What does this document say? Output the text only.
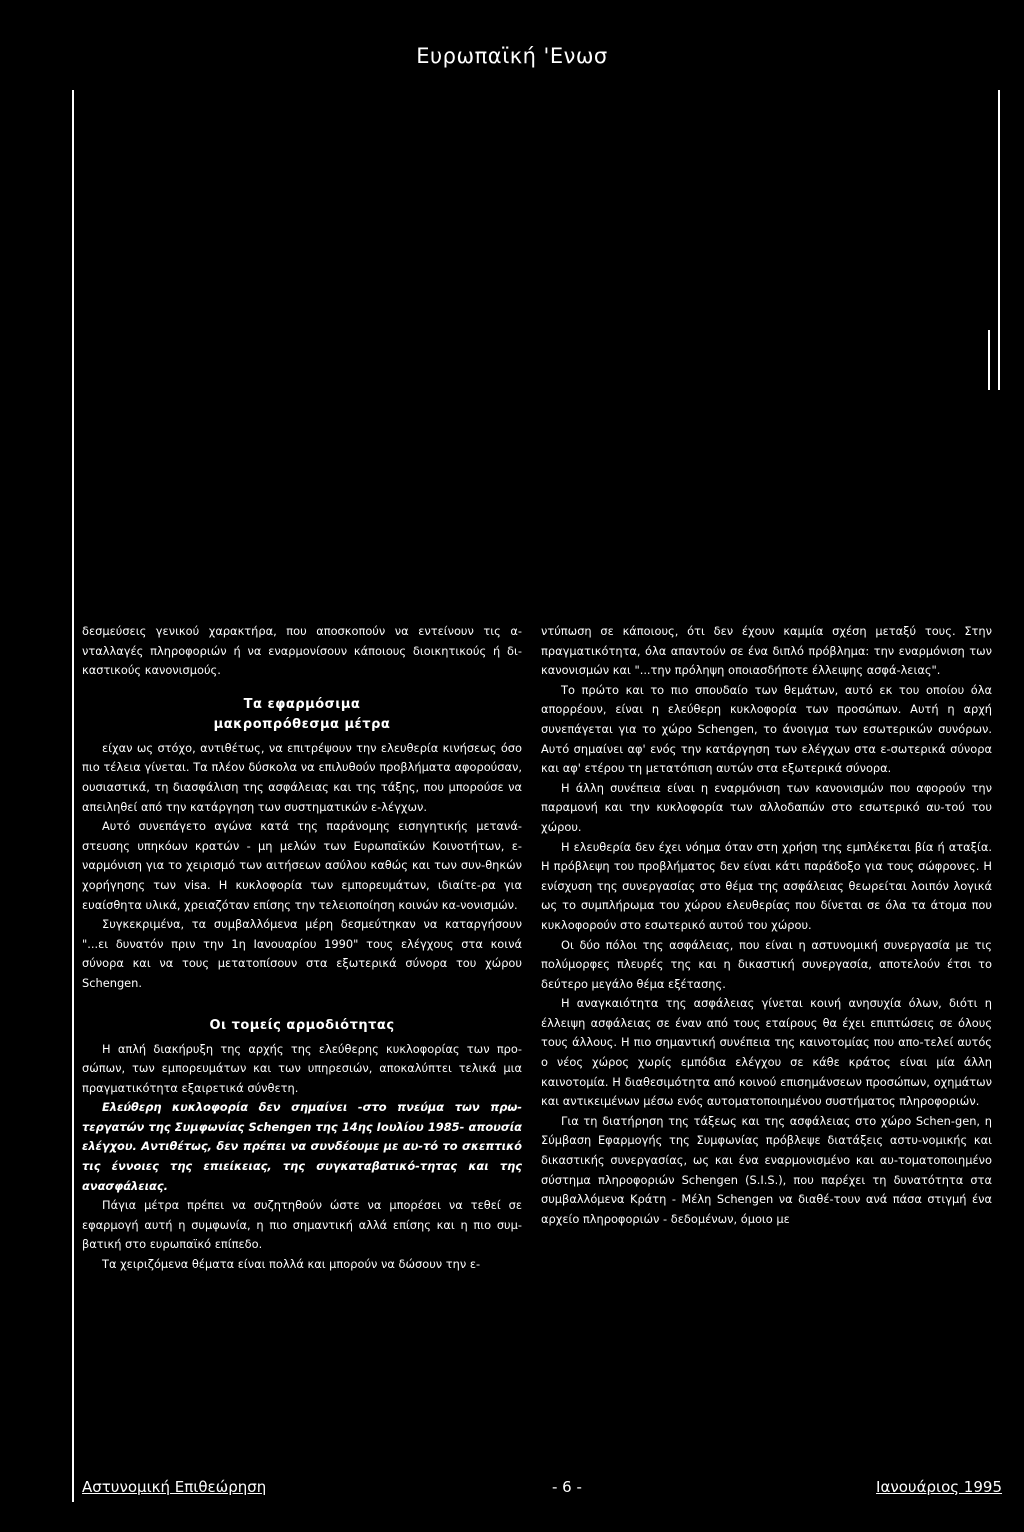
Ευρωπαϊκή 'Ενωσ

δεσμεύσεις γενικού χαρακτήρα, που αποσκοπούν να εντείνουν τις α-νταλλαγές πληροφοριών ή να εναρμονίσουν κάποιους διοικητικούς ή δι-καστικούς κανονισμούς.

Τα εφαρμόσιμα
μακροπρόθεσμα μέτρα

είχαν ως στόχο, αντιθέτως, να επιτρέψουν την ελευθερία κινήσεως όσο πιο τέλεια γίνεται. Τα πλέον δύσκολα να επιλυθούν προβλήματα αφορούσαν, ουσιαστικά, τη διασφάλιση της ασφάλειας και της τάξης, που μπορούσε να απειληθεί από την κατάργηση των συστηματικών ε-λέγχων.

Αυτό συνεπάγετο αγώνα κατά της παράνομης εισηγητικής μετανά-στευσης υπηκόων κρατών - μη μελών των Ευρωπαϊκών Κοινοτήτων, ε-ναρμόνιση για το χειρισμό των αιτήσεων ασύλου καθώς και των συν-θηκών χορήγησης των visa. Η κυκλοφορία των εμπορευμάτων, ιδιαίτε-ρα για ευαίσθητα υλικά, χρειαζόταν επίσης την τελειοποίηση κοινών κα-νονισμών.

Συγκεκριμένα, τα συμβαλλόμενα μέρη δεσμεύτηκαν να καταργήσουν "...ει δυνατόν πριν την 1η Ιανουαρίου 1990" τους ελέγχους στα κοινά σύνορα και να τους μετατοπίσουν στα εξωτερικά σύνορα του χώρου Schengen.

Οι τομείς αρμοδιότητας

Η απλή διακήρυξη της αρχής της ελεύθερης κυκλοφορίας των προ-σώπων, των εμπορευμάτων και των υπηρεσιών, αποκαλύπτει τελικά μια πραγματικότητα εξαιρετικά σύνθετη.

Ελεύθερη κυκλοφορία δεν σημαίνει -στο πνεύμα των πρω-τεργατών της Συμφωνίας Schengen της 14ης Ιουλίου 1985- απουσία ελέγχου. Αντιθέτως, δεν πρέπει να συνδέουμε με αυ-τό το σκεπτικό τις έννοιες της επιείκειας, της συγκαταβατικό-τητας και της ανασφάλειας.

Πάγια μέτρα πρέπει να συζητηθούν ώστε να μπορέσει να τεθεί σε εφαρμογή αυτή η συμφωνία, η πιο σημαντική αλλά επίσης και η πιο συμ-βατική στο ευρωπαϊκό επίπεδο.

Τα χειριζόμενα θέματα είναι πολλά και μπορούν να δώσουν την ε-

ντύπωση σε κάποιους, ότι δεν έχουν καμμία σχέση μεταξύ τους. Στην πραγματικότητα, όλα απαντούν σε ένα διπλό πρόβλημα: την εναρμόνιση των κανονισμών και "...την πρόληψη οποιασδήποτε έλλειψης ασφά-λειας".

Το πρώτο και το πιο σπουδαίο των θεμάτων, αυτό εκ του οποίου όλα απορρέουν, είναι η ελεύθερη κυκλοφορία των προσώπων. Αυτή η αρχή συνεπάγεται για το χώρο Schengen, το άνοιγμα των εσωτερικών συνόρων. Αυτό σημαίνει αφ' ενός την κατάργηση των ελέγχων στα ε-σωτερικά σύνορα και αφ' ετέρου τη μετατόπιση αυτών στα εξωτερικά σύνορα.

Η άλλη συνέπεια είναι η εναρμόνιση των κανονισμών που αφορούν την παραμονή και την κυκλοφορία των αλλοδαπών στο εσωτερικό αυ-τού του χώρου.

Η ελευθερία δεν έχει νόημα όταν στη χρήση της εμπλέκεται βία ή αταξία. Η πρόβλεψη του προβλήματος δεν είναι κάτι παράδοξο για τους σώφρονες. Η ενίσχυση της συνεργασίας στο θέμα της ασφάλειας θεωρείται λοιπόν λογικά ως το συμπλήρωμα του χώρου ελευθερίας που δίνεται σε όλα τα άτομα που κυκλοφορούν στο εσωτερικό αυτού του χώρου.

Οι δύο πόλοι της ασφάλειας, που είναι η αστυνομική συνεργασία με τις πολύμορφες πλευρές της και η δικαστική συνεργασία, αποτελούν έτσι το δεύτερο μεγάλο θέμα εξέτασης.

Η αναγκαιότητα της ασφάλειας γίνεται κοινή ανησυχία όλων, διότι η έλλειψη ασφάλειας σε έναν από τους εταίρους θα έχει επιπτώσεις σε όλους τους άλλους. Η πιο σημαντική συνέπεια της καινοτομίας που απο-τελεί αυτός ο νέος χώρος χωρίς εμπόδια ελέγχου σε κάθε κράτος είναι μία άλλη καινοτομία. Η διαθεσιμότητα από κοινού επισημάνσεων προσώπων, οχημάτων και αντικειμένων μέσω ενός αυτοματοποιημένου συστήματος πληροφοριών.

Για τη διατήρηση της τάξεως και της ασφάλειας στο χώρο Schen-gen, η Σύμβαση Εφαρμογής της Συμφωνίας πρόβλεψε διατάξεις αστυ-νομικής και δικαστικής συνεργασίας, ως και ένα εναρμονισμένο και αυ-τοματοποιημένο σύστημα πληροφοριών Schengen (S.I.S.), που παρέχει τη δυνατότητα στα συμβαλλόμενα Κράτη - Μέλη Schengen να διαθέ-τουν ανά πάσα στιγμή ένα αρχείο πληροφοριών - δεδομένων, όμοιο με

Αστυνομική Επιθεώρηση	- 6 -	Ιανουάριος 1995
